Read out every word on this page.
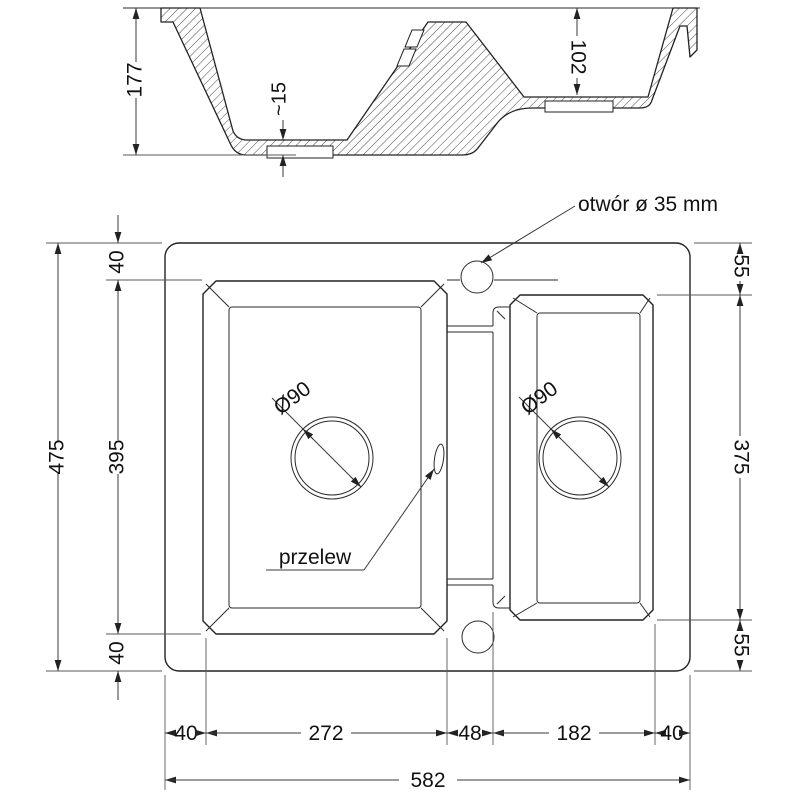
177
~15
102
Ø90	Ø90
otwór ø 35 mm
przelew
475
40
395
40
55
375
55
40	272	48	182	40
582
